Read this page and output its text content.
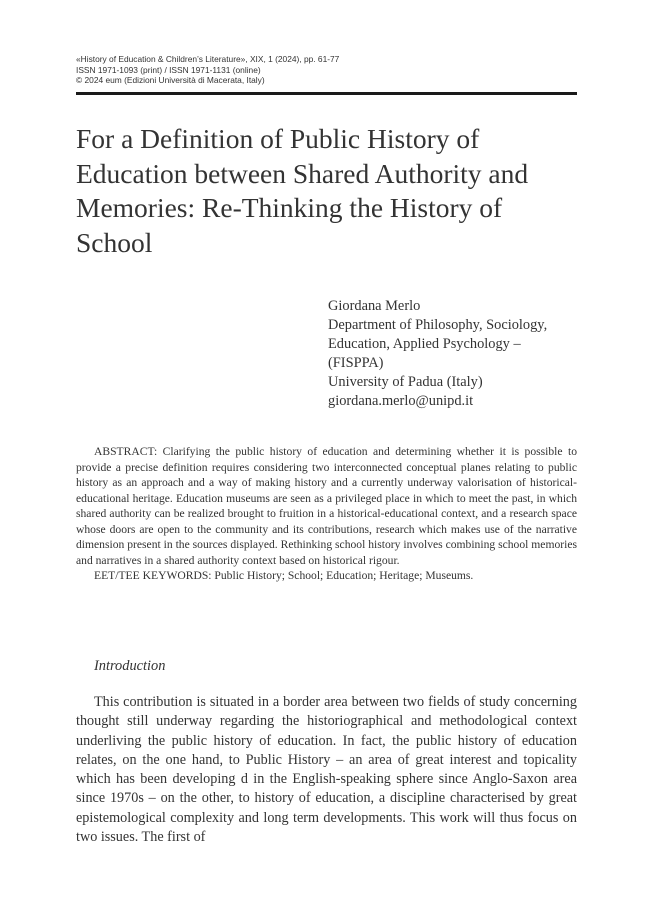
«History of Education & Children’s Literature», XIX, 1 (2024), pp. 61-77
ISSN 1971-1093 (print) / ISSN 1971-1131 (online)
© 2024 eum (Edizioni Università di Macerata, Italy)
For a Definition of Public History of
Education between Shared Authority and
Memories: Re-Thinking the History of
School
Giordana Merlo
Department of Philosophy, Sociology,
Education, Applied Psychology –
(FISPPA)
University of Padua (Italy)
giordana.merlo@unipd.it

ABSTRACT: Clarifying the public history of education and determining whether it is possible to provide a precise definition requires considering two interconnected conceptual planes relating to public history as an approach and a way of making history and a currently underway valorisation of historical-educational heritage. Education museums are seen as a privileged place in which to meet the past, in which shared authority can be realized brought to fruition in a historical-educational context, and a research space whose doors are open to the community and its contributions, research which makes use of the narrative dimension present in the sources displayed. Rethinking school history involves combining school memories and narratives in a shared authority context based on historical rigour.

EET/TEE KEYWORDS: Public History; School; Education; Heritage; Museums.

Introduction

This contribution is situated in a border area between two fields of study concerning thought still underway regarding the historiographical and methodological context underliving the public history of education. In fact, the public history of education relates, on the one hand, to Public History – an area of great interest and topicality which has been developing d in the English-speaking sphere since Anglo-Saxon area since 1970s – on the other, to history of education, a discipline characterised by great epistemological complexity and long term developments. This work will thus focus on two issues. The first of
